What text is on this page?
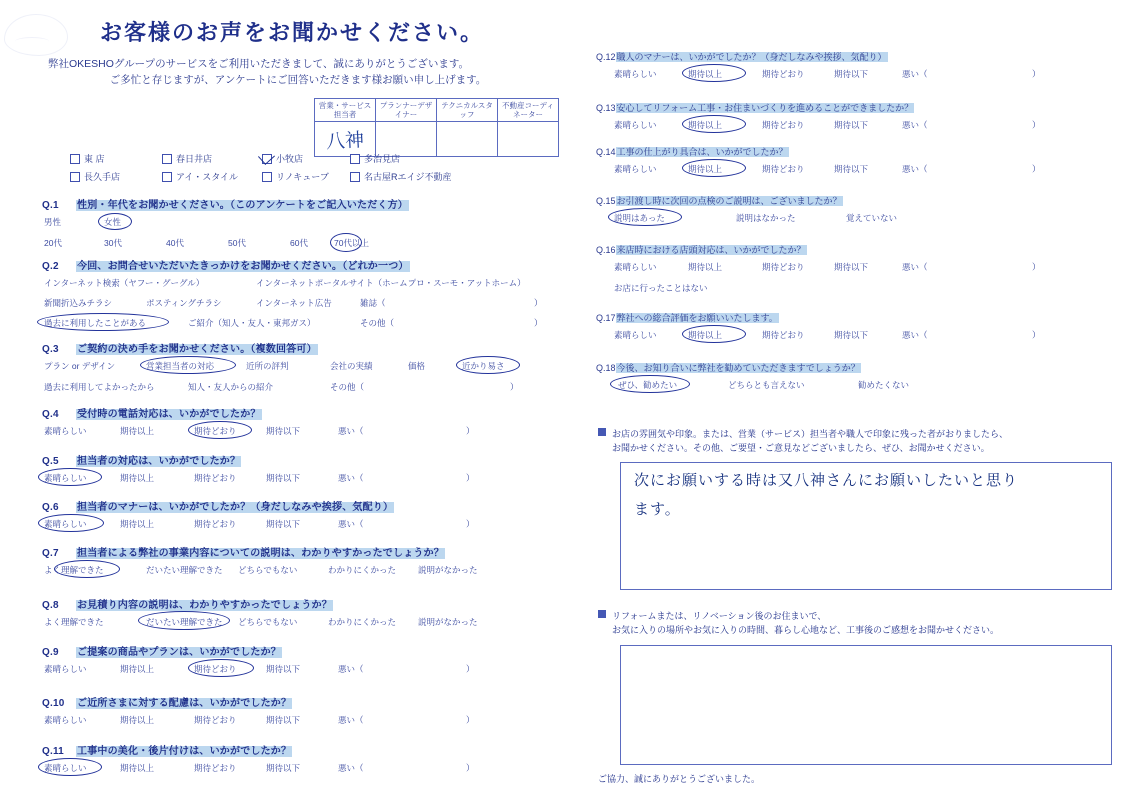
お客様のお声をお聞かせください。
弊社OKESHOグループのサービスをご利用いただきまして、誠にありがとうございます。
ご多忙と存じますが、アンケートにご回答いただきます様お願い申し上げます。
営業・サービス担当者	プランナーデザイナー	テクニカルスタッフ	不動産コーディネーター
八神			
東 店	春日井店	小牧店	多治見店
長久手店	アイ・スタイル	リノキューブ	名古屋Rエイジ不動産
Q.1 性別・年代をお聞かせください。（このアンケートをご記入いただく方）
男性	女性
20代	30代	40代	50代	60代	70代以上
Q.2 今回、お問合せいただいたきっかけをお聞かせください。（どれか一つ）
インターネット検索（ヤフー・グーグル）	インターネットポータルサイト（ホームプロ・スーモ・アットホーム）
新聞折込みチラシ	ポスティングチラシ	インターネット広告	雑誌（	）
過去に利用したことがある	ご紹介（知人・友人・東邦ガス）	その他（	）
Q.3 ご契約の決め手をお聞かせください。（複数回答可）
プラン or デザイン	営業担当者の対応	近所の評判	会社の実績	価格	近かり易さ
過去に利用してよかったから	知人・友人からの紹介	その他（	）
Q.4 受付時の電話対応は、いかがでしたか？
素晴らしい	期待以上	期待どおり	期待以下	悪い（	）
Q.5 担当者の対応は、いかがでしたか？
素晴らしい	期待以上	期待どおり	期待以下	悪い（	）
Q.6 担当者のマナーは、いかがでしたか？（身だしなみや挨拶、気配り）
素晴らしい	期待以上	期待どおり	期待以下	悪い（	）
Q.7 担当者による弊社の事業内容についての説明は、わかりやすかったでしょうか？
よく理解できた	だいたい理解できた どちらでもない	わかりにくかった	説明がなかった
Q.8 お見積り内容の説明は、わかりやすかったでしょうか？
よく理解できた	だいたい理解できた どちらでもない	わかりにくかった	説明がなかった
Q.9 ご提案の商品やプランは、いかがでしたか？
素晴らしい	期待以上	期待どおり	期待以下	悪い（	）
Q.10 ご近所さまに対する配慮は、いかがでしたか？
素晴らしい	期待以上	期待どおり	期待以下	悪い（	）
Q.11 工事中の美化・後片付けは、いかがでしたか？
素晴らしい	期待以上	期待どおり	期待以下	悪い（	）
Q.12職人のマナーは、いかがでしたか？（身だしなみや挨拶、気配り）
素晴らしい	期待以上	期待どおり	期待以下	悪い（	）
Q.13安心してリフォーム工事・お住まいづくりを進めることができましたか？
素晴らしい	期待以上	期待どおり	期待以下	悪い（	）
Q.14工事の仕上がり具合は、いかがでしたか？
素晴らしい	期待以上	期待どおり	期待以下	悪い（	）
Q.15お引渡し時に次回の点検のご説明は、ございましたか？
説明はあった	説明はなかった	覚えていない
Q.16来店時における店頭対応は、いかがでしたか？
素晴らしい	期待以上	期待どおり	期待以下	悪い（	）
お店に行ったことはない
Q.17弊社への総合評価をお願いいたします。
素晴らしい	期待以上	期待どおり	期待以下	悪い（	）
Q.18今後、お知り合いに弊社を勧めていただきますでしょうか？
ぜひ、勧めたい	どちらとも言えない	勧めたくない
お店の雰囲気や印象。または、営業（サービス）担当者や職人で印象に残った者がおりましたら、
お聞かせください。その他、ご要望・ご意見などございましたら、ぜひ、お聞かせください。
次にお願いする時は又八神さんにお願いしたいと思り
ます。
リフォームまたは、リノベーション後のお住まいで、
お気に入りの場所やお気に入りの時間、暮らし心地など、工事後のご感想をお聞かせください。
ご協力、誠にありがとうございました。
